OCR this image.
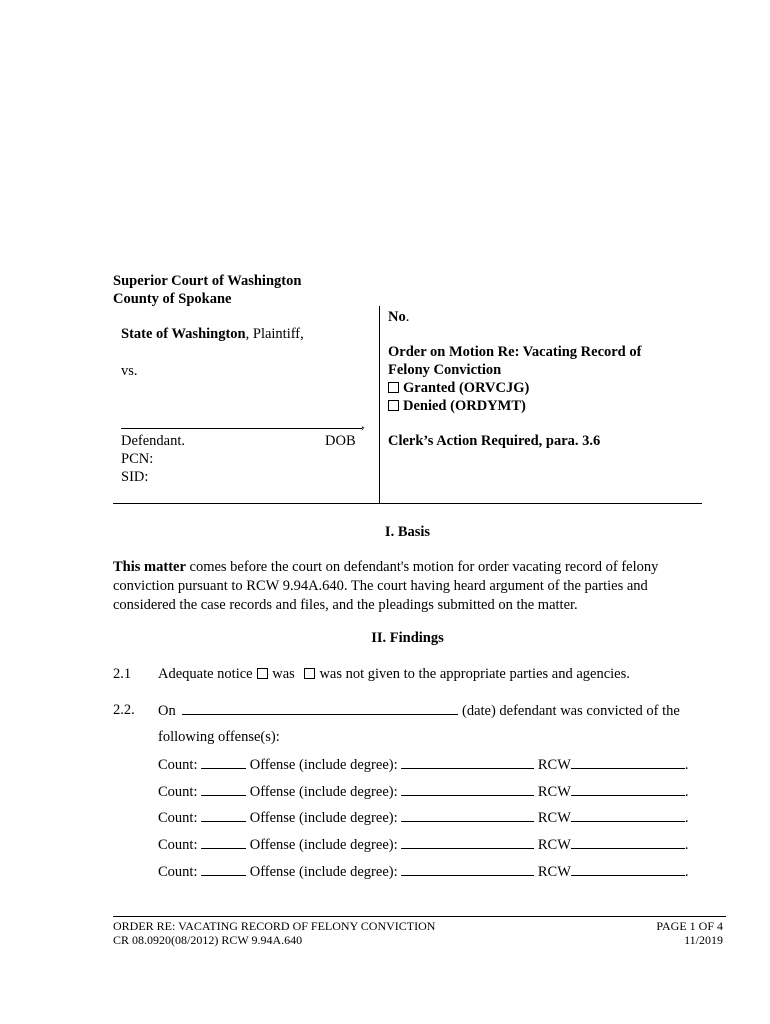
Superior Court of Washington
County of Spokane
State of Washington, Plaintiff,
vs.
,
Defendant.	DOB
PCN:
SID:
No.
Order on Motion Re: Vacating Record of
Felony Conviction
Granted (ORVCJG)
Denied (ORDYMT)
Clerk’s Action Required, para. 3.6
I. Basis
This matter comes before the court on defendant's motion for order vacating record of felony conviction pursuant to RCW 9.94A.640. The court having heard argument of the parties and considered the case records and files, and the pleadings submitted on the matter.
II. Findings
2.1 Adequate notice was was not given to the appropriate parties and agencies.
2.2. On	(date) defendant was convicted of the
following offense(s):
Count:	Offense (include degree):	RCW	.
Count:	Offense (include degree):	RCW	.
Count:	Offense (include degree):	RCW	.
Count:	Offense (include degree):	RCW	.
Count:	Offense (include degree):	RCW	.
ORDER RE: VACATING RECORD OF FELONY CONVICTION
CR 08.0920(08/2012) RCW 9.94A.640
PAGE 1 OF 4
11/2019
